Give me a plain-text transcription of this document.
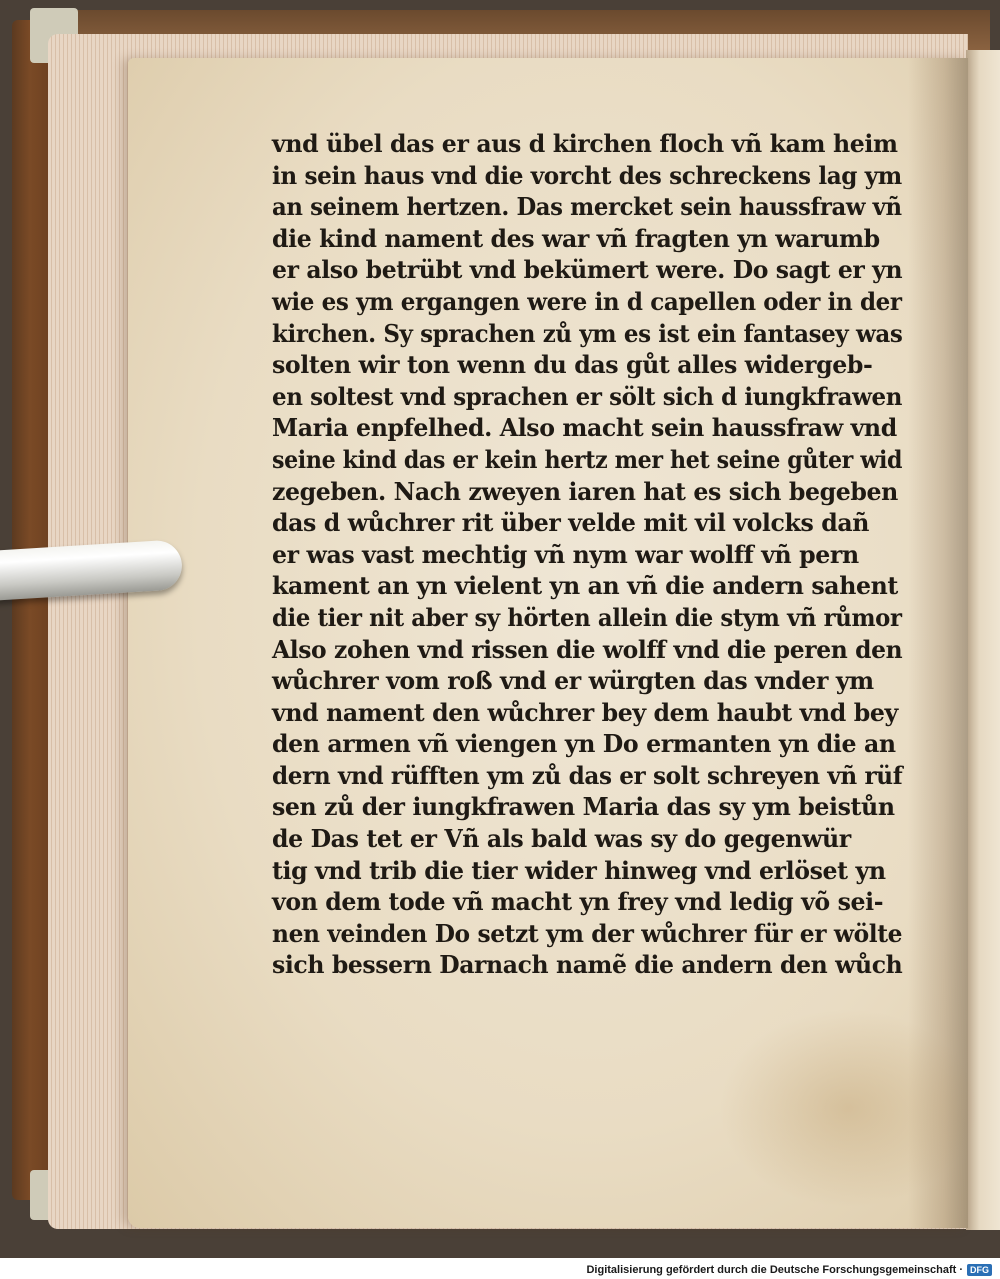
vnd übel das er aus d kirchen floch vñ kam heim
in sein haus vnd die vorcht des schreckens lag ym
an seinem hertzen. Das mercket sein haussfraw vñ
die kind nament des war vñ fragten yn warumb
er also betrübt vnd bekümert were. Do sagt er yn
wie es ym ergangen were in d capellen oder in der
kirchen. Sy sprachen zů ym es ist ein fantasey was
solten wir ton wenn du das gůt alles widergeb-
en soltest vnd sprachen er sölt sich d iungkfrawen
Maria enpfelhed. Also macht sein haussfraw vnd
seine kind das er kein hertz mer het seine gůter wid
zegeben. Nach zweyen iaren hat es sich begeben
das d wůchrer rit über velde mit vil volcks dañ
er was vast mechtig vñ nym war wolff vñ pern
kament an yn vielent yn an vñ die andern sahent
die tier nit aber sy hörten allein die stym vñ růmor
Also zohen vnd rissen die wolff vnd die peren den
wůchrer vom roß vnd er würgten das vnder ym
vnd nament den wůchrer bey dem haubt vnd bey
den armen vñ viengen yn Do ermanten yn die an
dern vnd rüfften ym zů das er solt schreyen vñ rüf
sen zů der iungkfrawen Maria das sy ym beistůn
de Das tet er Vñ als bald was sy do gegenwür
tig vnd trib die tier wider hinweg vnd erlöset yn
von dem tode vñ macht yn frey vnd ledig võ sei-
nen veinden Do setzt ym der wůchrer für er wölte
sich bessern Darnach namẽ die andern den wůch
Digitalisierung gefördert durch die Deutsche Forschungsgemeinschaft · DFG
